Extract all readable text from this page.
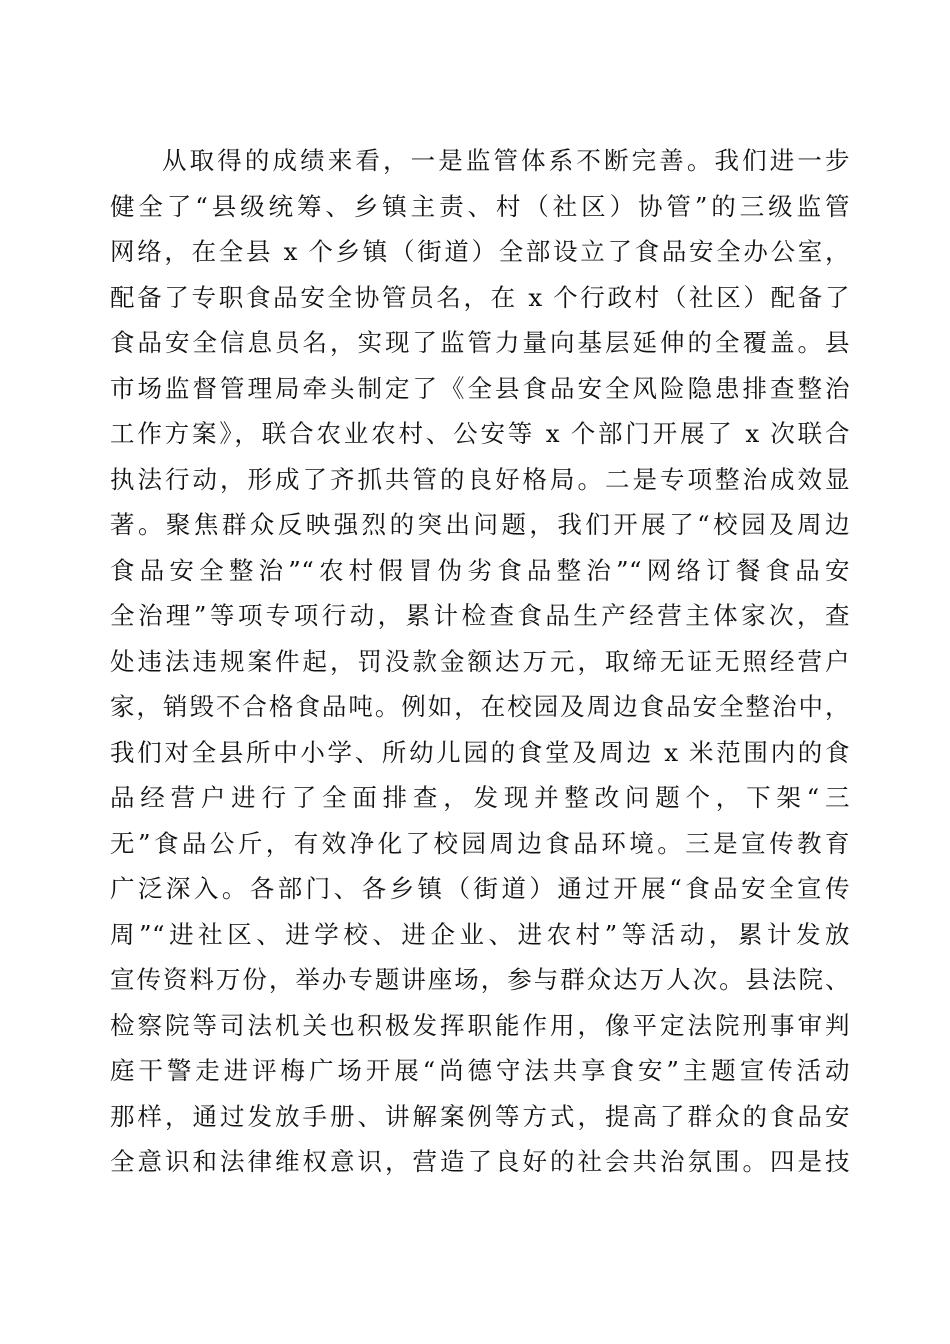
从取得的成绩来看，一是监管体系不断完善。我们进一步
健全了“县级统筹、乡镇主责、村（社区）协管”的三级监管
网络，在全县 x 个乡镇（街道）全部设立了食品安全办公室，
配备了专职食品安全协管员名，在 x 个行政村（社区）配备了
食品安全信息员名，实现了监管力量向基层延伸的全覆盖。县
市场监督管理局牵头制定了《全县食品安全风险隐患排查整治
工作方案》，联合农业农村、公安等 x 个部门开展了 x 次联合
执法行动，形成了齐抓共管的良好格局。二是专项整治成效显
著。聚焦群众反映强烈的突出问题，我们开展了“校园及周边
食品安全整治”“农村假冒伪劣食品整治”“网络订餐食品安
全治理”等项专项行动，累计检查食品生产经营主体家次，查
处违法违规案件起，罚没款金额达万元，取缔无证无照经营户
家，销毁不合格食品吨。例如，在校园及周边食品安全整治中，
我们对全县所中小学、所幼儿园的食堂及周边 x 米范围内的食
品经营户进行了全面排查，发现并整改问题个，下架“三
无”食品公斤，有效净化了校园周边食品环境。三是宣传教育
广泛深入。各部门、各乡镇（街道）通过开展“食品安全宣传
周”“进社区、进学校、进企业、进农村”等活动，累计发放
宣传资料万份，举办专题讲座场，参与群众达万人次。县法院、
检察院等司法机关也积极发挥职能作用，像平定法院刑事审判
庭干警走进评梅广场开展“尚德守法共享食安”主题宣传活动
那样，通过发放手册、讲解案例等方式，提高了群众的食品安
全意识和法律维权意识，营造了良好的社会共治氛围。四是技
